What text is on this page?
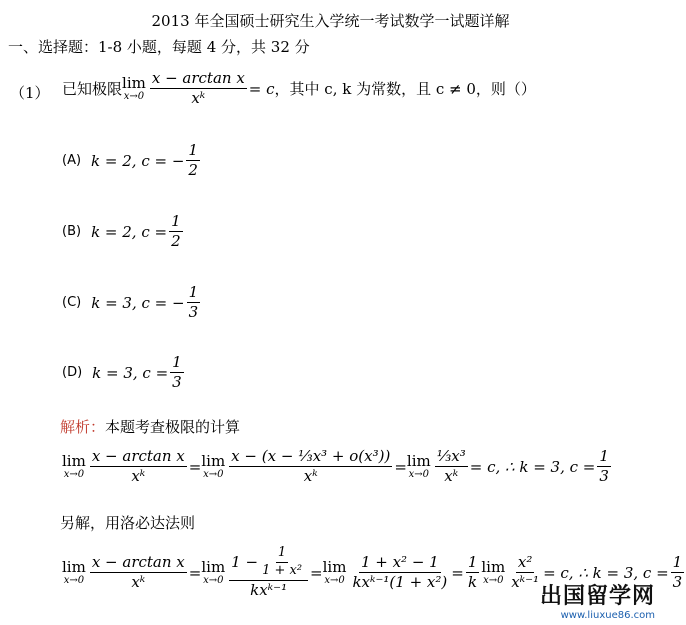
2013 年全国硕士研究生入学统一考试数学一试题详解
一、选择题：1-8 小题，每题 4 分，共 32 分
（1） 已知极限 lim
$x\to 0 \frac{\text{x − arctan x}}{\text{xᵏ}} = c$ ，其中 c, k 为常数，且 c ≠ 0，则（）
(A) k = 2, c = − $\frac{1}{2}$
(B) k = 2, $c = \frac{1}{2}$
(C) k = 3, c = − $\frac{1}{3}$
(D) k = 3, $c = \frac{1}{3}$
解析：本题考查极限的计算
lim
$x\to 0 \frac{\text{x − arctan x}}{\text{xᵏ}} = \lim$
$x\to 0 \frac{\text{x − (x − ⅓x³ + o(x³))}}{\text{xᵏ}} = \lim$
$x\to 0 \frac{\text{⅓x³}}{\text{xᵏ}} = c$, ∴ k = 3, $c = \frac{1}{3}$
另解，用洛必达法则
lim
$x\to 0 \frac{\text{x − arctan x}}{\text{xᵏ}} = \lim$
$x\to 0 \frac{1 - \frac{1}{\text{1 + x²}}}{\text{kxᵏ⁻¹}} = \lim$
$x\to 0 \frac{\text{1 + x² − 1}}{\text{kxᵏ⁻¹(1 + x²)}} = \frac{1}{k}$ lim
$x\to 0 \frac{\text{x²}}{\text{xᵏ⁻¹}} = c$, ∴ k = 3, $c = \frac{1}{3}$
出国留学网
www.liuxue86.com
